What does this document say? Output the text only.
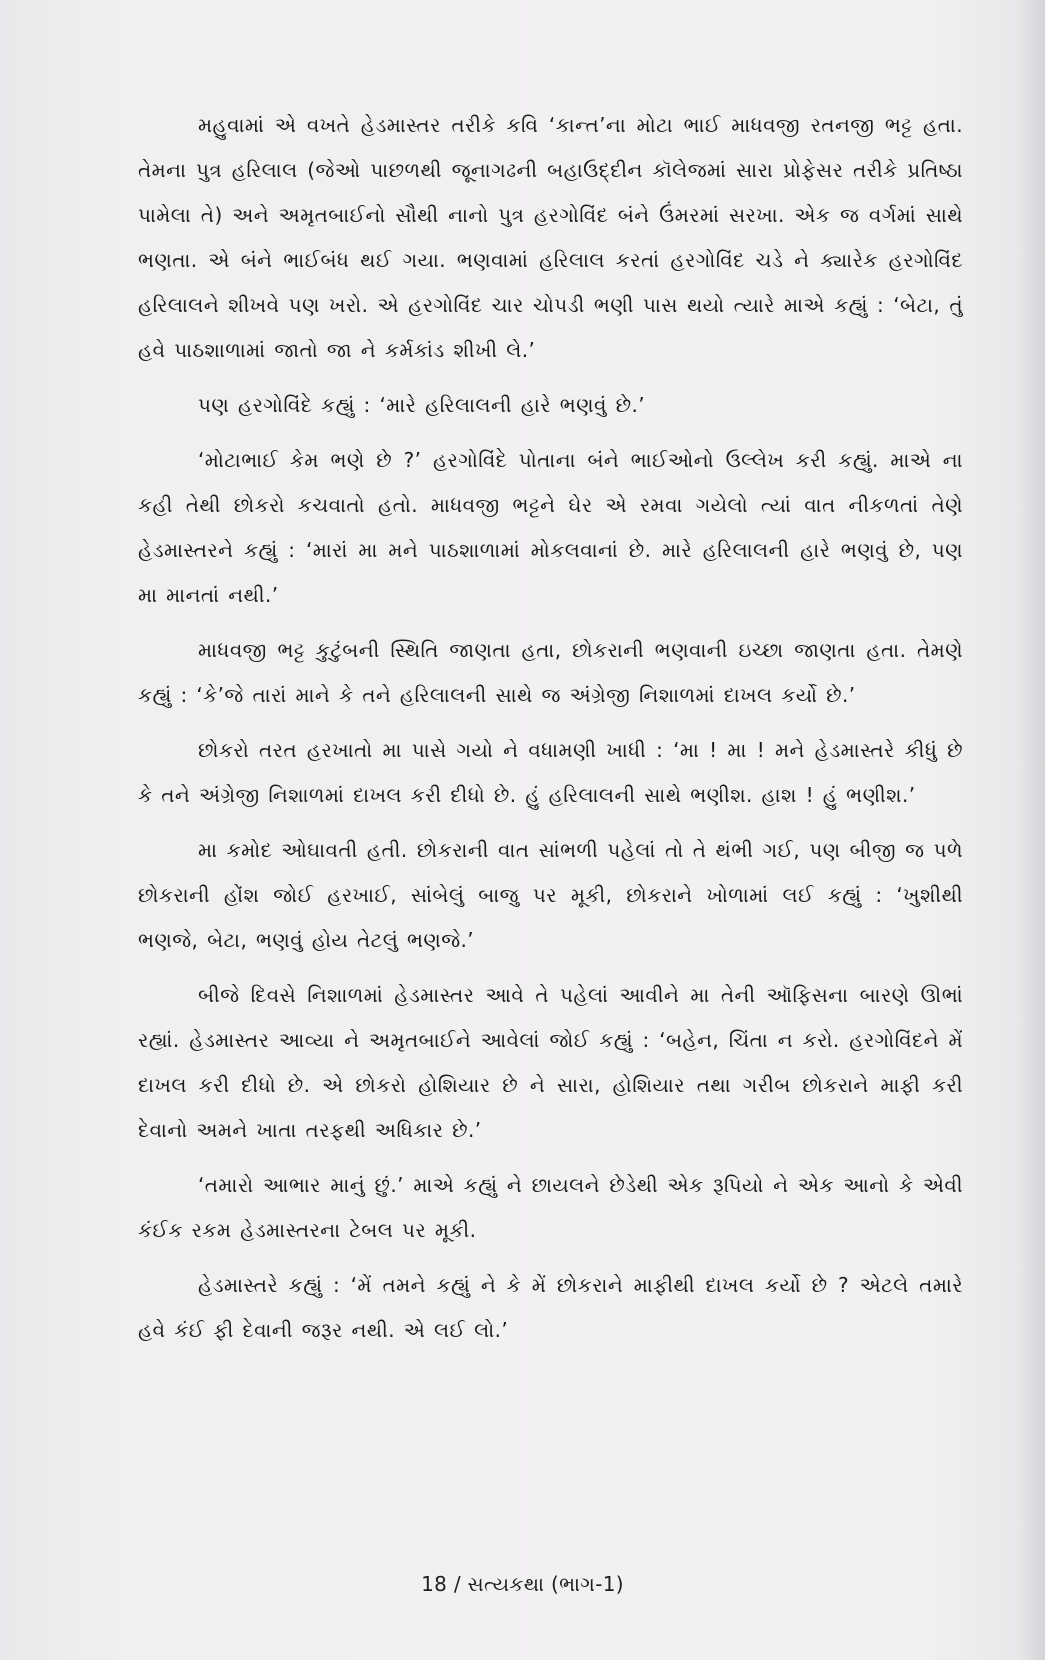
મહુવામાં એ વખતે હેડમાસ્તર તરીકે કવિ ‘કાન્ત’ના મોટા ભાઈ માધવજી રતનજી ભટ્ટ હતા. તેમના પુત્ર હરિલાલ (જેઓ પાછળથી જૂનાગઢની બહાઉદ્દીન કૉલેજમાં સારા પ્રોફેસર તરીકે પ્રતિષ્ઠા પામેલા તે) અને અમૃતબાઈનો સૌથી નાનો પુત્ર હરગોવિંદ બંને ઉંમરમાં સરખા. એક જ વર્ગમાં સાથે ભણતા. એ બંને ભાઈબંધ થઈ ગયા. ભણવામાં હરિલાલ કરતાં હરગોવિંદ ચડે ને ક્યારેક હરગોવિંદ હરિલાલને શીખવે પણ ખરો. એ હરગોવિંદ ચાર ચોપડી ભણી પાસ થયો ત્યારે માએ કહ્યું : ‘બેટા, તું હવે પાઠશાળામાં જાતો જા ને કર્મકાંડ શીખી લે.’

પણ હરગોવિંદે કહ્યું : ‘મારે હરિલાલની હારે ભણવું છે.’

‘મોટાભાઈ કેમ ભણે છે ?’ હરગોવિંદે પોતાના બંને ભાઈઓનો ઉલ્લેખ કરી કહ્યું. માએ ના કહી તેથી છોકરો કચવાતો હતો. માધવજી ભટ્ટને ઘેર એ રમવા ગયેલો ત્યાં વાત નીકળતાં તેણે હેડમાસ્તરને કહ્યું : ‘મારાં મા મને પાઠશાળામાં મોકલવાનાં છે. મારે હરિલાલની હારે ભણવું છે, પણ મા માનતાં નથી.’

માધવજી ભટ્ટ કુટુંબની સ્થિતિ જાણતા હતા, છોકરાની ભણવાની ઇચ્છા જાણતા હતા. તેમણે કહ્યું : ‘કે’જે તારાં માને કે તને હરિલાલની સાથે જ અંગ્રેજી નિશાળમાં દાખલ કર્યો છે.’

છોકરો તરત હરખાતો મા પાસે ગયો ને વધામણી ખાધી : ‘મા ! મા ! મને હેડમાસ્તરે કીધું છે કે તને અંગ્રેજી નિશાળમાં દાખલ કરી દીધો છે. હું હરિલાલની સાથે ભણીશ. હાશ ! હું ભણીશ.’

મા કમોદ ઓઘાવતી હતી. છોકરાની વાત સાંભળી પહેલાં તો તે થંભી ગઈ, પણ બીજી જ પળે છોકરાની હોંશ જોઈ હરખાઈ, સાંબેલું બાજુ પર મૂકી, છોકરાને ખોળામાં લઈ કહ્યું : ‘ખુશીથી ભણજે, બેટા, ભણવું હોય તેટલું ભણજે.’

બીજે દિવસે નિશાળમાં હેડમાસ્તર આવે તે પહેલાં આવીને મા તેની ઑફિસના બારણે ઊભાં રહ્યાં. હેડમાસ્તર આવ્યા ને અમૃતબાઈને આવેલાં જોઈ કહ્યું : ‘બહેન, ચિંતા ન કરો. હરગોવિંદને મેં દાખલ કરી દીધો છે. એ છોકરો હોશિયાર છે ને સારા, હોશિયાર તથા ગરીબ છોકરાને માફી કરી દેવાનો અમને ખાતા તરફથી અધિકાર છે.’

‘તમારો આભાર માનું છું.’ માએ કહ્યું ને છાયલને છેડેથી એક રૂપિયો ને એક આનો કે એવી કંઈક રકમ હેડમાસ્તરના ટેબલ પર મૂકી.

હેડમાસ્તરે કહ્યું : ‘મેં તમને કહ્યું ને કે મેં છોકરાને માફીથી દાખલ કર્યો છે ? એટલે તમારે હવે કંઈ ફી દેવાની જરૂર નથી. એ લઈ લો.’

18 / સત્યકથા (ભાગ-1)
